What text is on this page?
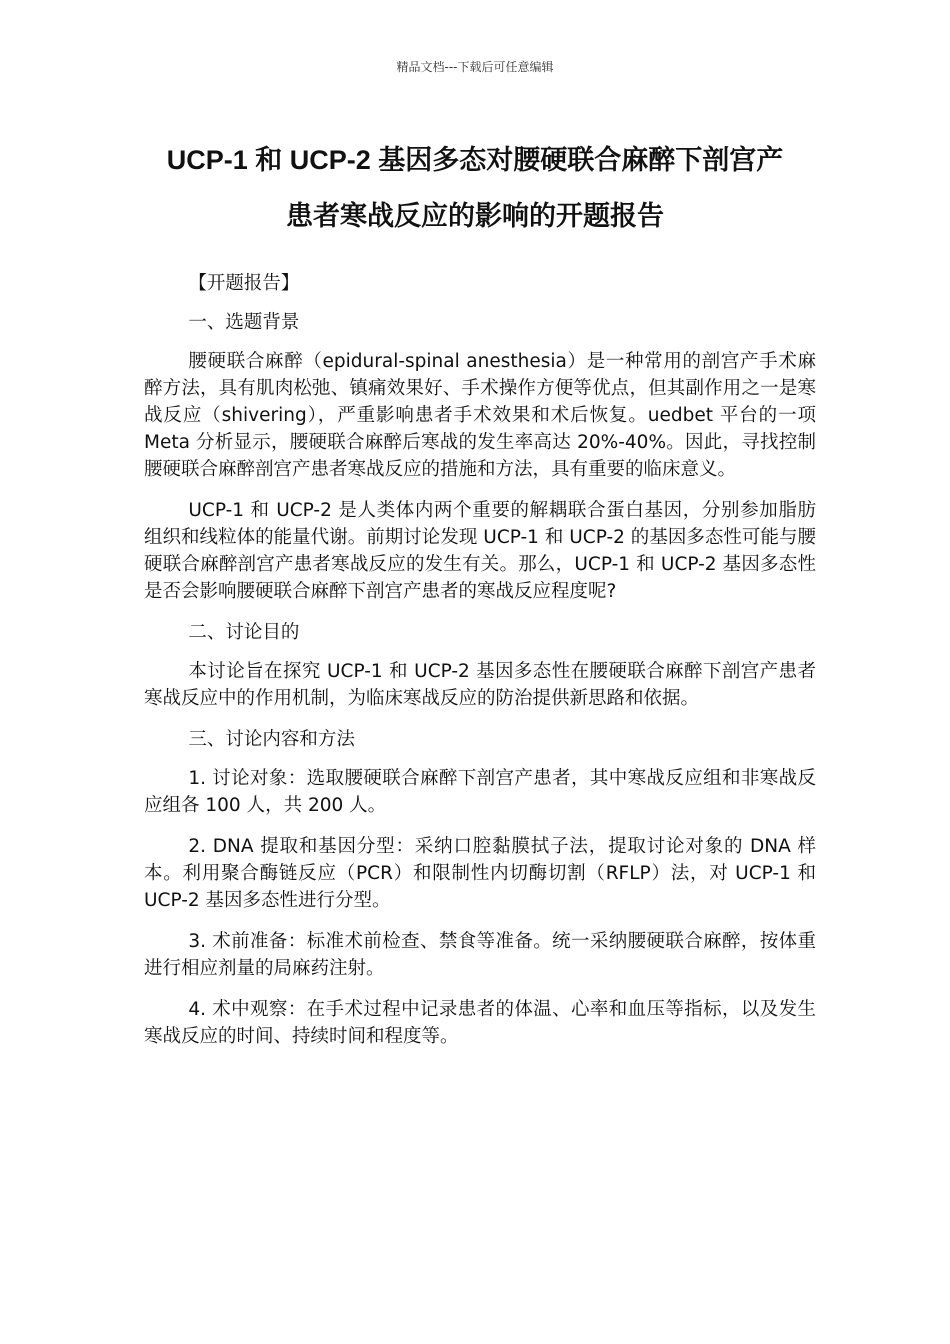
精品文档---下载后可任意编辑
UCP-1 和 UCP-2 基因多态对腰硬联合麻醉下剖宫产
患者寒战反应的影响的开题报告

【开题报告】

一、选题背景

腰硬联合麻醉（epidural-spinal anesthesia）是一种常用的剖宫产手术麻醉方法，具有肌肉松弛、镇痛效果好、手术操作方便等优点，但其副作用之一是寒战反应（shivering），严重影响患者手术效果和术后恢复。uedbet 平台的一项 Meta 分析显示，腰硬联合麻醉后寒战的发生率高达 20%-40%。因此，寻找控制腰硬联合麻醉剖宫产患者寒战反应的措施和方法，具有重要的临床意义。

UCP-1 和 UCP-2 是人类体内两个重要的解耦联合蛋白基因，分别参加脂肪组织和线粒体的能量代谢。前期讨论发现 UCP-1 和 UCP-2 的基因多态性可能与腰硬联合麻醉剖宫产患者寒战反应的发生有关。那么，UCP-1 和 UCP-2 基因多态性是否会影响腰硬联合麻醉下剖宫产患者的寒战反应程度呢?

二、讨论目的

本讨论旨在探究 UCP-1 和 UCP-2 基因多态性在腰硬联合麻醉下剖宫产患者寒战反应中的作用机制，为临床寒战反应的防治提供新思路和依据。

三、讨论内容和方法

1. 讨论对象：选取腰硬联合麻醉下剖宫产患者，其中寒战反应组和非寒战反应组各 100 人，共 200 人。

2. DNA 提取和基因分型：采纳口腔黏膜拭子法，提取讨论对象的 DNA 样本。利用聚合酶链反应（PCR）和限制性内切酶切割（RFLP）法，对 UCP-1 和 UCP-2 基因多态性进行分型。

3. 术前准备：标准术前检查、禁食等准备。统一采纳腰硬联合麻醉，按体重进行相应剂量的局麻药注射。

4. 术中观察：在手术过程中记录患者的体温、心率和血压等指标，以及发生寒战反应的时间、持续时间和程度等。
